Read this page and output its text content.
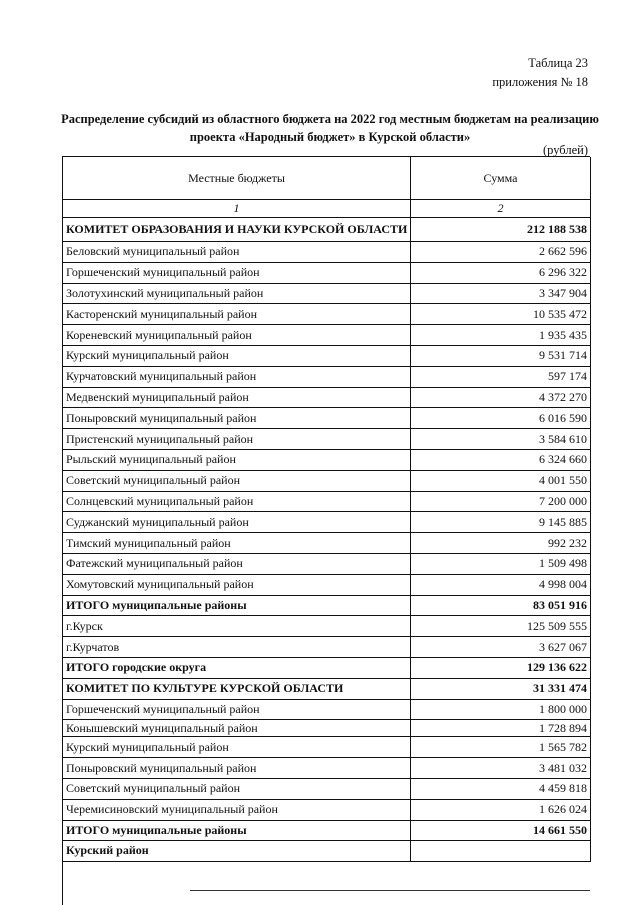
Таблица 23
приложения № 18
Распределение субсидий из областного бюджета на 2022 год местным бюджетам на реализацию проекта «Народный бюджет» в Курской области»
(рублей)
Местные бюджеты	Сумма
1	2
КОМИТЕТ ОБРАЗОВАНИЯ И НАУКИ КУРСКОЙ ОБЛАСТИ	212 188 538
Беловский муниципальный район	2 662 596
Горшеченский муниципальный район	6 296 322
Золотухинский муниципальный район	3 347 904
Касторенский муниципальный район	10 535 472
Кореневский муниципальный район	1 935 435
Курский муниципальный район	9 531 714
Курчатовский муниципальный район	597 174
Медвенский муниципальный район	4 372 270
Поныровский муниципальный район	6 016 590
Пристенский муниципальный район	3 584 610
Рыльский муниципальный район	6 324 660
Советский муниципальный район	4 001 550
Солнцевский муниципальный район	7 200 000
Суджанский муниципальный район	9 145 885
Тимский муниципальный район	992 232
Фатежский муниципальный район	1 509 498
Хомутовский муниципальный район	4 998 004
ИТОГО муниципальные районы	83 051 916
г.Курск	125 509 555
г.Курчатов	3 627 067
ИТОГО городские округа	129 136 622
КОМИТЕТ ПО КУЛЬТУРЕ КУРСКОЙ ОБЛАСТИ	31 331 474
Горшеченский муниципальный район	1 800 000
Конышевский муниципальный район	1 728 894
Курский муниципальный район	1 565 782
Поныровский муниципальный район	3 481 032
Советский муниципальный район	4 459 818
Черемисиновский муниципальный район	1 626 024
ИТОГО муниципальные районы	14 661 550
Курский район
